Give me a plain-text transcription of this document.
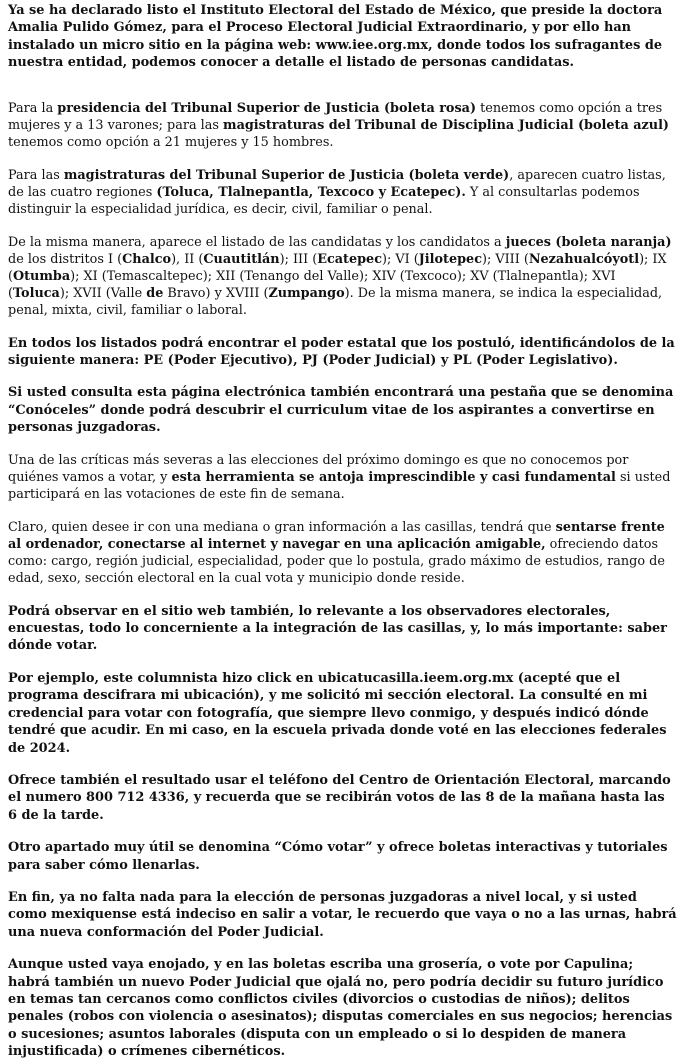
Ya se ha declarado listo el Instituto Electoral del Estado de México, que preside la doctora Amalia Pulido Gómez, para el Proceso Electoral Judicial Extraordinario, y por ello han instalado un micro sitio en la página web: www.iee.org.mx, donde todos los sufragantes de nuestra entidad, podemos conocer a detalle el listado de personas candidatas.

Para la presidencia del Tribunal Superior de Justicia (boleta rosa) tenemos como opción a tres mujeres y a 13 varones; para las magistraturas del Tribunal de Disciplina Judicial (boleta azul) tenemos como opción a 21 mujeres y 15 hombres.

Para las magistraturas del Tribunal Superior de Justicia (boleta verde), aparecen cuatro listas, de las cuatro regiones (Toluca, Tlalnepantla, Texcoco y Ecatepec). Y al consultarlas podemos distinguir la especialidad jurídica, es decir, civil, familiar o penal.

De la misma manera, aparece el listado de las candidatas y los candidatos a jueces (boleta naranja) de los distritos I (Chalco), II (Cuautitlán); III (Ecatepec); VI (Jilotepec); VIII (Nezahualcóyotl); IX (Otumba); XI (Temascaltepec); XII (Tenango del Valle); XIV (Texcoco); XV (Tlalnepantla); XVI (Toluca); XVII (Valle de Bravo) y XVIII (Zumpango). De la misma manera, se indica la especialidad, penal, mixta, civil, familiar o laboral.

En todos los listados podrá encontrar el poder estatal que los postuló, identificándolos de la siguiente manera: PE (Poder Ejecutivo), PJ (Poder Judicial) y PL (Poder Legislativo).

Si usted consulta esta página electrónica también encontrará una pestaña que se denomina “Conóceles” donde podrá descubrir el curriculum vitae de los aspirantes a convertirse en personas juzgadoras.

Una de las críticas más severas a las elecciones del próximo domingo es que no conocemos por quiénes vamos a votar, y esta herramienta se antoja imprescindible y casi fundamental si usted participará en las votaciones de este fin de semana.

Claro, quien desee ir con una mediana o gran información a las casillas, tendrá que sentarse frente al ordenador, conectarse al internet y navegar en una aplicación amigable, ofreciendo datos como: cargo, región judicial, especialidad, poder que lo postula, grado máximo de estudios, rango de edad, sexo, sección electoral en la cual vota y municipio donde reside.

Podrá observar en el sitio web también, lo relevante a los observadores electorales, encuestas, todo lo concerniente a la integración de las casillas, y, lo más importante: saber dónde votar.

Por ejemplo, este columnista hizo click en ubicatucasilla.ieem.org.mx (acepté que el programa descifrara mi ubicación), y me solicitó mi sección electoral. La consulté en mi credencial para votar con fotografía, que siempre llevo conmigo, y después indicó dónde tendré que acudir. En mi caso, en la escuela privada donde voté en las elecciones federales de 2024.

Ofrece también el resultado usar el teléfono del Centro de Orientación Electoral, marcando el numero 800 712 4336, y recuerda que se recibirán votos de las 8 de la mañana hasta las 6 de la tarde.

Otro apartado muy útil se denomina “Cómo votar” y ofrece boletas interactivas y tutoriales para saber cómo llenarlas.

En fin, ya no falta nada para la elección de personas juzgadoras a nivel local, y si usted como mexiquense está indeciso en salir a votar, le recuerdo que vaya o no a las urnas, habrá una nueva conformación del Poder Judicial.

Aunque usted vaya enojado, y en las boletas escriba una grosería, o vote por Capulina; habrá también un nuevo Poder Judicial que ojalá no, pero podría decidir su futuro jurídico en temas tan cercanos como conflictos civiles (divorcios o custodias de niños); delitos penales (robos con violencia o asesinatos); disputas comerciales en sus negocios; herencias o sucesiones; asuntos laborales (disputa con un empleado o si lo despiden de manera injustificada) o crímenes cibernéticos.
